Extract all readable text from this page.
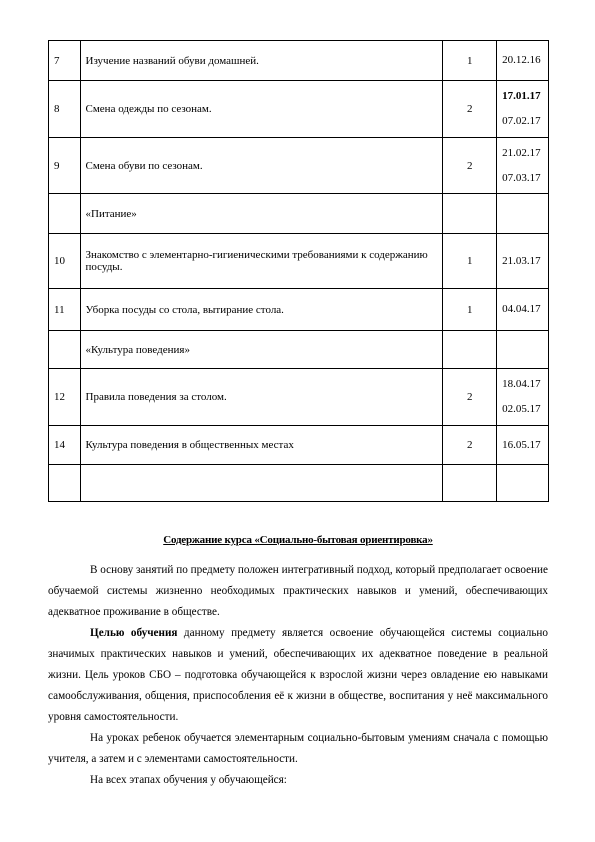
7	Изучение названий обуви домашней.	1	20.12.16

8	Смена одежды по сезонам.	2	17.01.17
07.02.17

9	Смена обуви по сезонам.	2	21.02.17
07.03.17

	«Питание»		
10	Знакомство с элементарно-гигиеническими требованиями к содержанию посуды.	1	21.03.17

11	Уборка посуды со стола, вытирание стола.	1	04.04.17

	«Культура поведения»		
12	Правила поведения за столом.	2	18.04.17
02.05.17

14	Культура поведения в общественных местах	2	16.05.17

Содержание курса «Социально-бытовая ориентировка»

В основу занятий по предмету положен интегративный подход, который предполагает освоение обучаемой системы жизненно необходимых практических навыков и умений, обеспечивающих адекватное проживание в обществе.

Целью обучения данному предмету является освоение обучающейся системы социально значимых практических навыков и умений, обеспечивающих их адекватное поведение в реальной жизни. Цель уроков СБО – подготовка обучающейся к взрослой жизни через овладение ею навыками самообслуживания, общения, приспособления её к жизни в обществе, воспитания у неё максимального уровня самостоятельности.

На уроках ребенок обучается элементарным социально-бытовым умениям сначала с помощью учителя, а затем и с элементами самостоятельности.

На всех этапах обучения у обучающейся:
